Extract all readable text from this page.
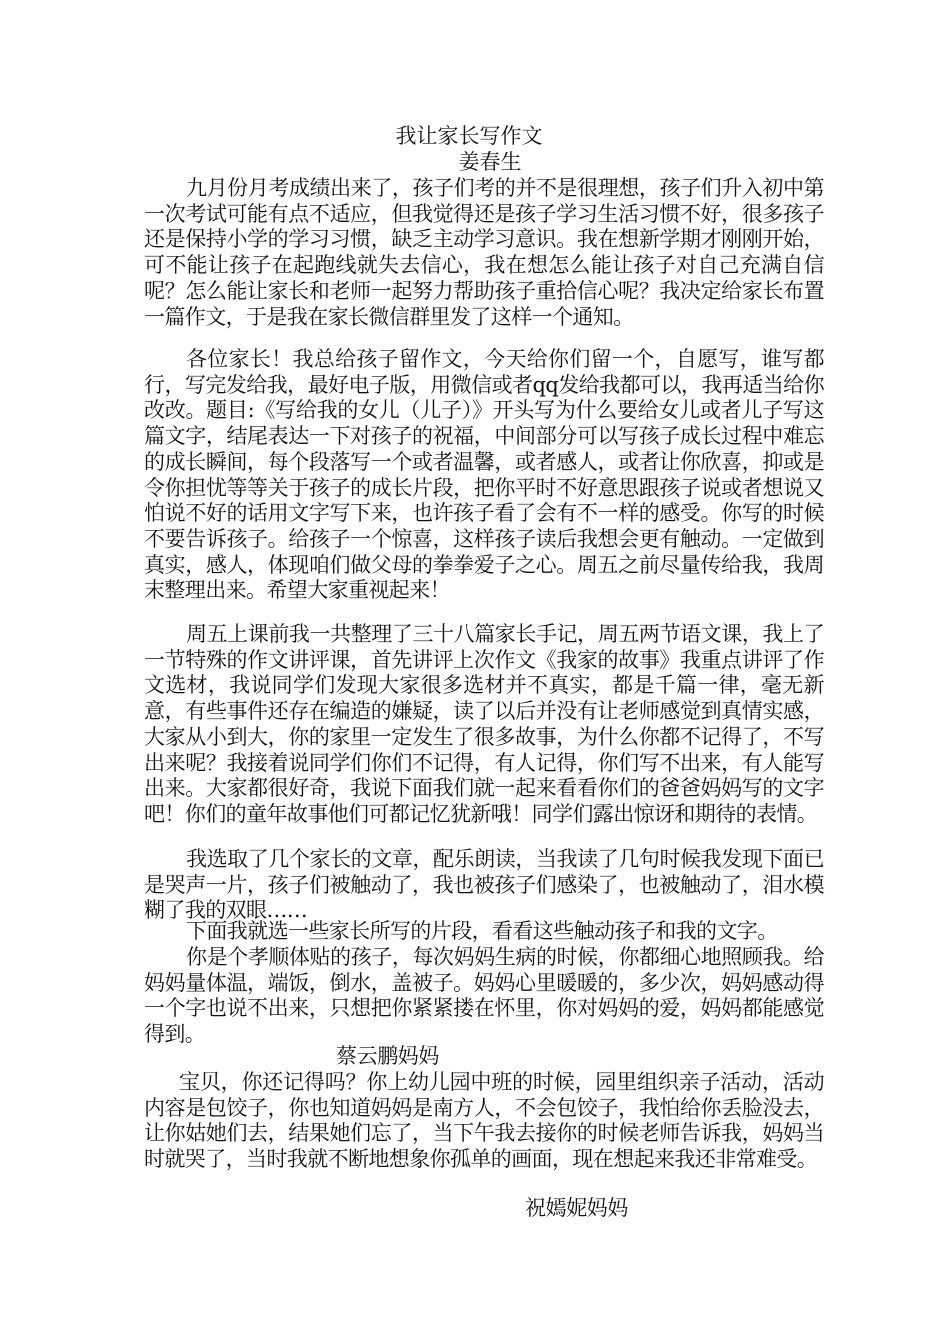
我让家长写作文
姜春生

九月份月考成绩出来了，孩子们考的并不是很理想，孩子们升入初中第一次考试可能有点不适应，但我觉得还是孩子学习生活习惯不好，很多孩子还是保持小学的学习习惯，缺乏主动学习意识。我在想新学期才刚刚开始，可不能让孩子在起跑线就失去信心，我在想怎么能让孩子对自己充满自信呢？怎么能让家长和老师一起努力帮助孩子重拾信心呢？我决定给家长布置一篇作文，于是我在家长微信群里发了这样一个通知。

各位家长！我总给孩子留作文，今天给你们留一个，自愿写，谁写都行，写完发给我，最好电子版，用微信或者qq发给我都可以，我再适当给你改改。题目:《写给我的女儿（儿子）》开头写为什么要给女儿或者儿子写这篇文字，结尾表达一下对孩子的祝福，中间部分可以写孩子成长过程中难忘的成长瞬间，每个段落写一个或者温馨，或者感人，或者让你欣喜，抑或是令你担忧等等关于孩子的成长片段，把你平时不好意思跟孩子说或者想说又怕说不好的话用文字写下来，也许孩子看了会有不一样的感受。你写的时候不要告诉孩子。给孩子一个惊喜，这样孩子读后我想会更有触动。一定做到真实，感人，体现咱们做父母的拳拳爱子之心。周五之前尽量传给我，我周末整理出来。希望大家重视起来！

周五上课前我一共整理了三十八篇家长手记，周五两节语文课，我上了一节特殊的作文讲评课，首先讲评上次作文《我家的故事》我重点讲评了作文选材，我说同学们发现大家很多选材并不真实，都是千篇一律，毫无新意，有些事件还存在编造的嫌疑，读了以后并没有让老师感觉到真情实感，大家从小到大，你的家里一定发生了很多故事，为什么你都不记得了，不写出来呢？我接着说同学们你们不记得，有人记得，你们写不出来，有人能写出来。大家都很好奇，我说下面我们就一起来看看你们的爸爸妈妈写的文字吧！你们的童年故事他们可都记忆犹新哦！同学们露出惊讶和期待的表情。

我选取了几个家长的文章，配乐朗读，当我读了几句时候我发现下面已是哭声一片，孩子们被触动了，我也被孩子们感染了，也被触动了，泪水模糊了我的双眼……

下面我就选一些家长所写的片段，看看这些触动孩子和我的文字。

你是个孝顺体贴的孩子，每次妈妈生病的时候，你都细心地照顾我。给妈妈量体温，端饭，倒水，盖被子。妈妈心里暖暖的，多少次，妈妈感动得一个字也说不出来，只想把你紧紧搂在怀里，你对妈妈的爱，妈妈都能感觉得到。

蔡云鹏妈妈

宝贝，你还记得吗？你上幼儿园中班的时候，园里组织亲子活动，活动内容是包饺子，你也知道妈妈是南方人，不会包饺子，我怕给你丢脸没去，让你姑她们去，结果她们忘了，当下午我去接你的时候老师告诉我，妈妈当时就哭了，当时我就不断地想象你孤单的画面，现在想起来我还非常难受。

祝嫣妮妈妈
